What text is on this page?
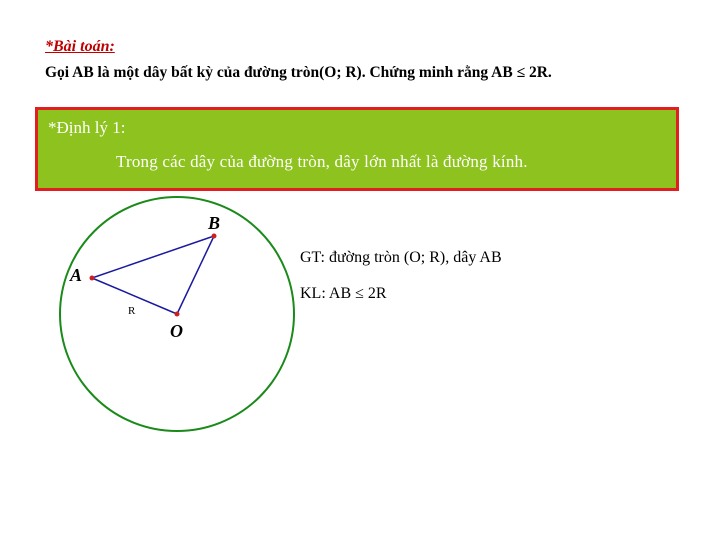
*Bài toán:
Gọi AB là một dây bất kỳ của đường tròn(O; R). Chứng minh rằng AB ≤ 2R.
*Định lý 1:
Trong các dây của đường tròn, dây lớn nhất là đường kính.
A
B
O
R
GT: đường tròn (O; R), dây AB
KL: AB ≤ 2R
